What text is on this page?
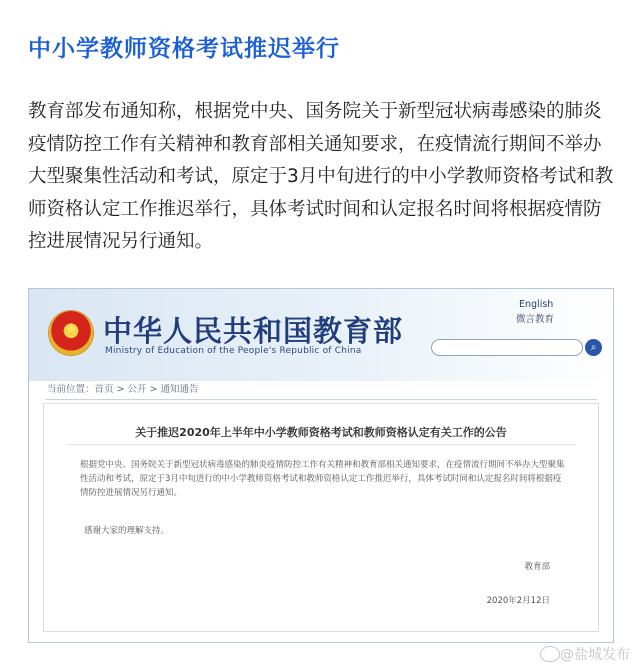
中小学教师资格考试推迟举行

教育部发布通知称，根据党中央、国务院关于新型冠状病毒感染的肺炎疫情防控工作有关精神和教育部相关通知要求，在疫情流行期间不举办大型聚集性活动和考试，原定于3月中旬进行的中小学教师资格考试和教师资格认定工作推迟举行，具体考试时间和认定报名时间将根据疫情防控进展情况另行通知。

★ 中华人民共和国教育部
Ministry of Education of the People's Republic of China
English
微言教育
⌕
当前位置：首页 > 公开 > 通知通告
关于推迟2020年上半年中小学教师资格考试和教师资格认定有关工作的公告

根据党中央、国务院关于新型冠状病毒感染的肺炎疫情防控工作有关精神和教育部相关通知要求，在疫情流行期间不举办大型聚集性活动和考试，原定于3月中旬进行的中小学教师资格考试和教师资格认定工作推迟举行，具体考试时间和认定报名时间将根据疫情防控进展情况另行通知。

感谢大家的理解支持。
教育部
2020年2月12日
@盐城发布
